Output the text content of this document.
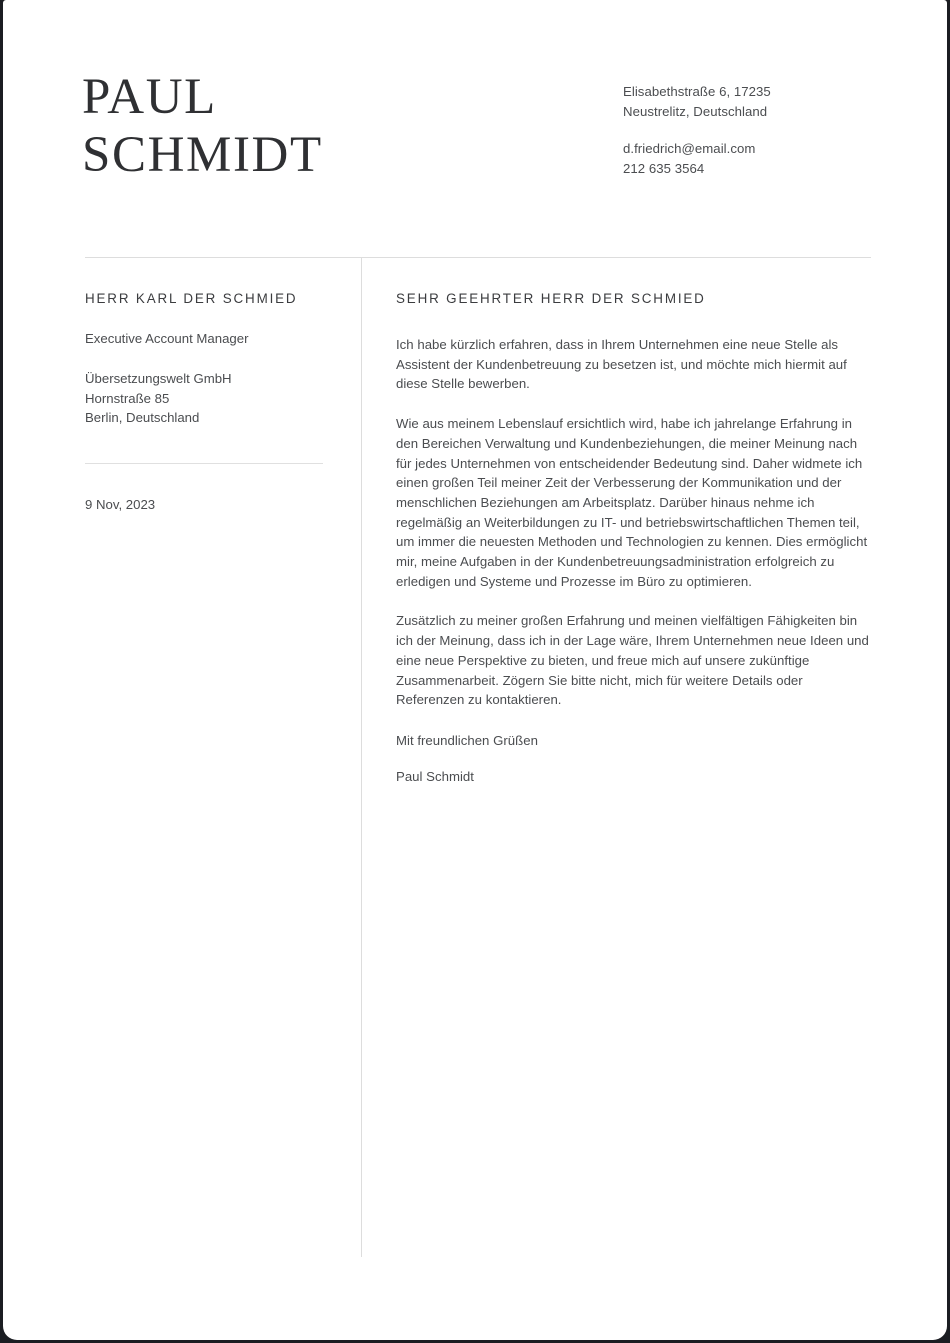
PAUL
SCHMIDT
Elisabethstraße 6, 17235
Neustrelitz, Deutschland
d.friedrich@email.com
212 635 3564
HERR KARL DER SCHMIED
Executive Account Manager
Übersetzungswelt GmbH
Hornstraße 85
Berlin, Deutschland
9 Nov, 2023
SEHR GEEHRTER HERR DER SCHMIED

Ich habe kürzlich erfahren, dass in Ihrem Unternehmen eine neue Stelle als Assistent der Kundenbetreuung zu besetzen ist, und möchte mich hiermit auf diese Stelle bewerben.

Wie aus meinem Lebenslauf ersichtlich wird, habe ich jahrelange Erfahrung in den Bereichen Verwaltung und Kundenbeziehungen, die meiner Meinung nach für jedes Unternehmen von entscheidender Bedeutung sind. Daher widmete ich einen großen Teil meiner Zeit der Verbesserung der Kommunikation und der menschlichen Beziehungen am Arbeitsplatz. Darüber hinaus nehme ich regelmäßig an Weiterbildungen zu IT- und betriebswirtschaftlichen Themen teil, um immer die neuesten Methoden und Technologien zu kennen. Dies ermöglicht mir, meine Aufgaben in der Kundenbetreuungsadministration erfolgreich zu erledigen und Systeme und Prozesse im Büro zu optimieren.

Zusätzlich zu meiner großen Erfahrung und meinen vielfältigen Fähigkeiten bin ich der Meinung, dass ich in der Lage wäre, Ihrem Unternehmen neue Ideen und eine neue Perspektive zu bieten, und freue mich auf unsere zukünftige Zusammenarbeit. Zögern Sie bitte nicht, mich für weitere Details oder Referenzen zu kontaktieren.

Mit freundlichen Grüßen

Paul Schmidt
